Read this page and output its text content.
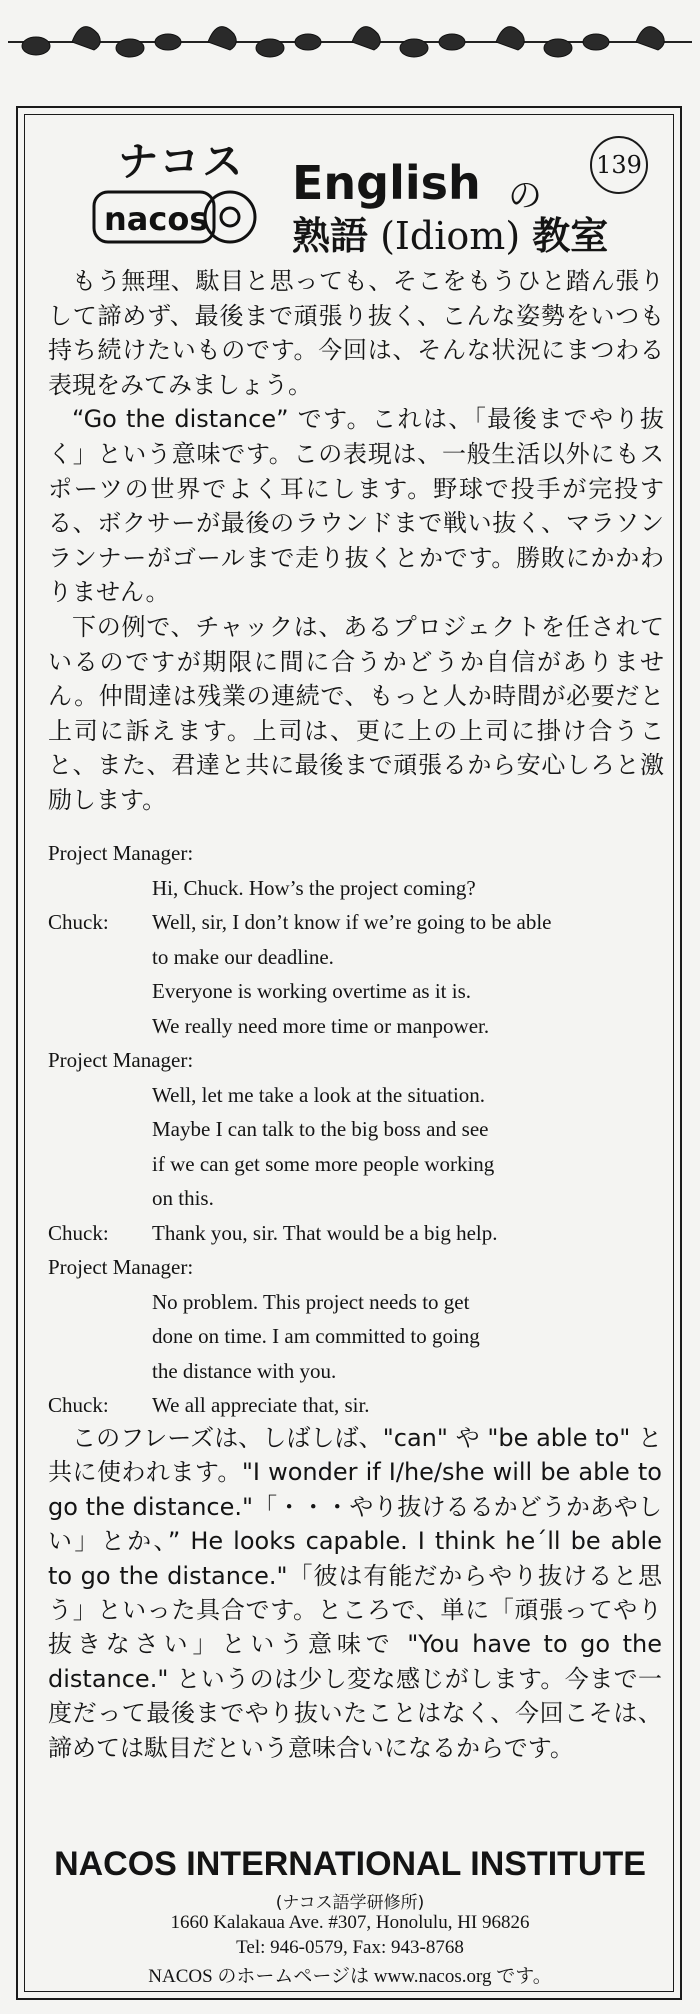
ナコス
nacos
English の
熟語 (Idiom) 教室
139

もう無理、駄目と思っても、そこをもうひと踏ん張りして諦めず、最後まで頑張り抜く、こんな姿勢をいつも持ち続けたいものです。今回は、そんな状況にまつわる表現をみてみましょう。

“Go the distance” です。これは、「最後までやり抜く」という意味です。この表現は、一般生活以外にもスポーツの世界でよく耳にします。野球で投手が完投する、ボクサーが最後のラウンドまで戦い抜く、マラソンランナーがゴールまで走り抜くとかです。勝敗にかかわりません。

下の例で、チャックは、あるプロジェクトを任されているのですが期限に間に合うかどうか自信がありません。仲間達は残業の連続で、もっと人か時間が必要だと上司に訴えます。上司は、更に上の上司に掛け合うこと、また、君達と共に最後まで頑張るから安心しろと激励します。

Project Manager:
Hi, Chuck. How’s the project coming?
Chuck: Well, sir, I don’t know if we’re going to be able
to make our deadline.
Everyone is working overtime as it is.
We really need more time or manpower.
Project Manager:
Well, let me take a look at the situation.
Maybe I can talk to the big boss and see
if we can get some more people working
on this.
Chuck: Thank you, sir. That would be a big help.
Project Manager:
No problem. This project needs to get
done on time. I am committed to going
the distance with you.
Chuck: We all appreciate that, sir.

このフレーズは、しばしば、"can" や "be able to" と共に使われます。"I wonder if I/he/she will be able to go the distance."「・・・やり抜けるるかどうかあやしい」とか、” He looks capable. I think he´ll be able to go the distance."「彼は有能だからやり抜けると思う」といった具合です。ところで、単に「頑張ってやり抜きなさい」という意味で "You have to go the distance." というのは少し変な感じがします。今まで一度だって最後までやり抜いたことはなく、今回こそは、諦めては駄目だという意味合いになるからです。

NACOS INTERNATIONAL INSTITUTE
(ナコス語学研修所)
1660 Kalakaua Ave. #307, Honolulu, HI 96826
Tel: 946-0579, Fax: 943-8768
NACOS のホームページは www.nacos.org です。
